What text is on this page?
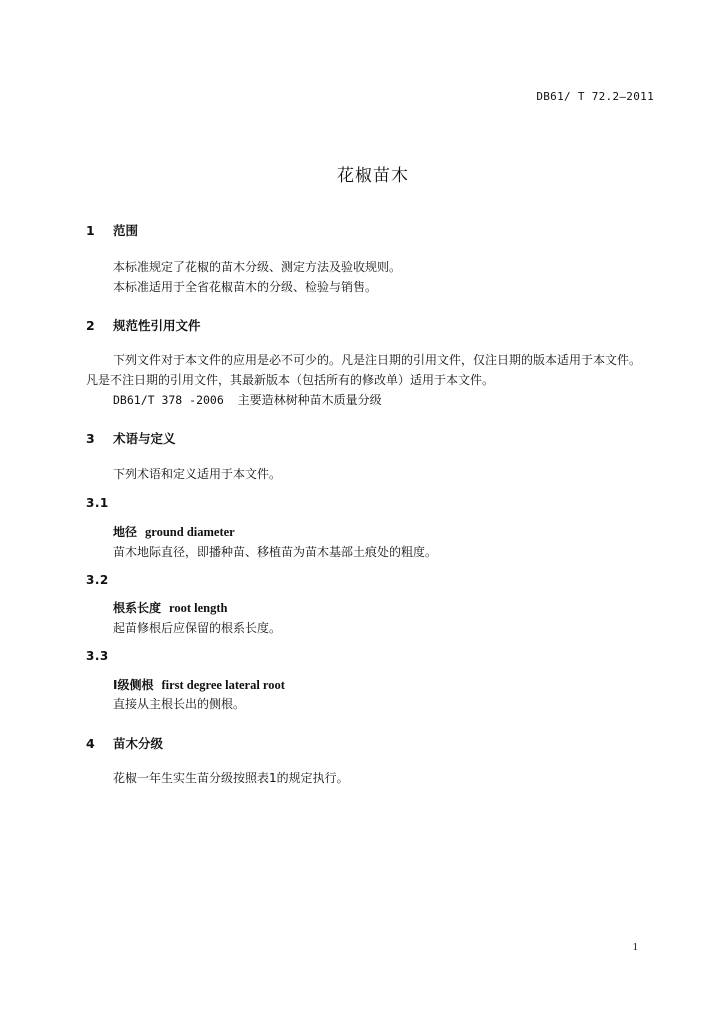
DB61/ T 72.2—2011
花椒苗木
1 范围
本标准规定了花椒的苗木分级、测定方法及验收规则。
本标准适用于全省花椒苗木的分级、检验与销售。
2 规范性引用文件
下列文件对于本文件的应用是必不可少的。凡是注日期的引用文件，仅注日期的版本适用于本文件。
凡是不注日期的引用文件，其最新版本（包括所有的修改单）适用于本文件。
DB61/T 378 -2006 主要造林树种苗木质量分级
3 术语与定义
下列术语和定义适用于本文件。
3.1
地径 ground diameter
苗木地际直径，即播种苗、移植苗为苗木基部土痕处的粗度。
3.2
根系长度 root length
起苗修根后应保留的根系长度。
3.3
Ⅰ级侧根 first degree lateral root
直接从主根长出的侧根。
4 苗木分级
花椒一年生实生苗分级按照表1的规定执行。
1
